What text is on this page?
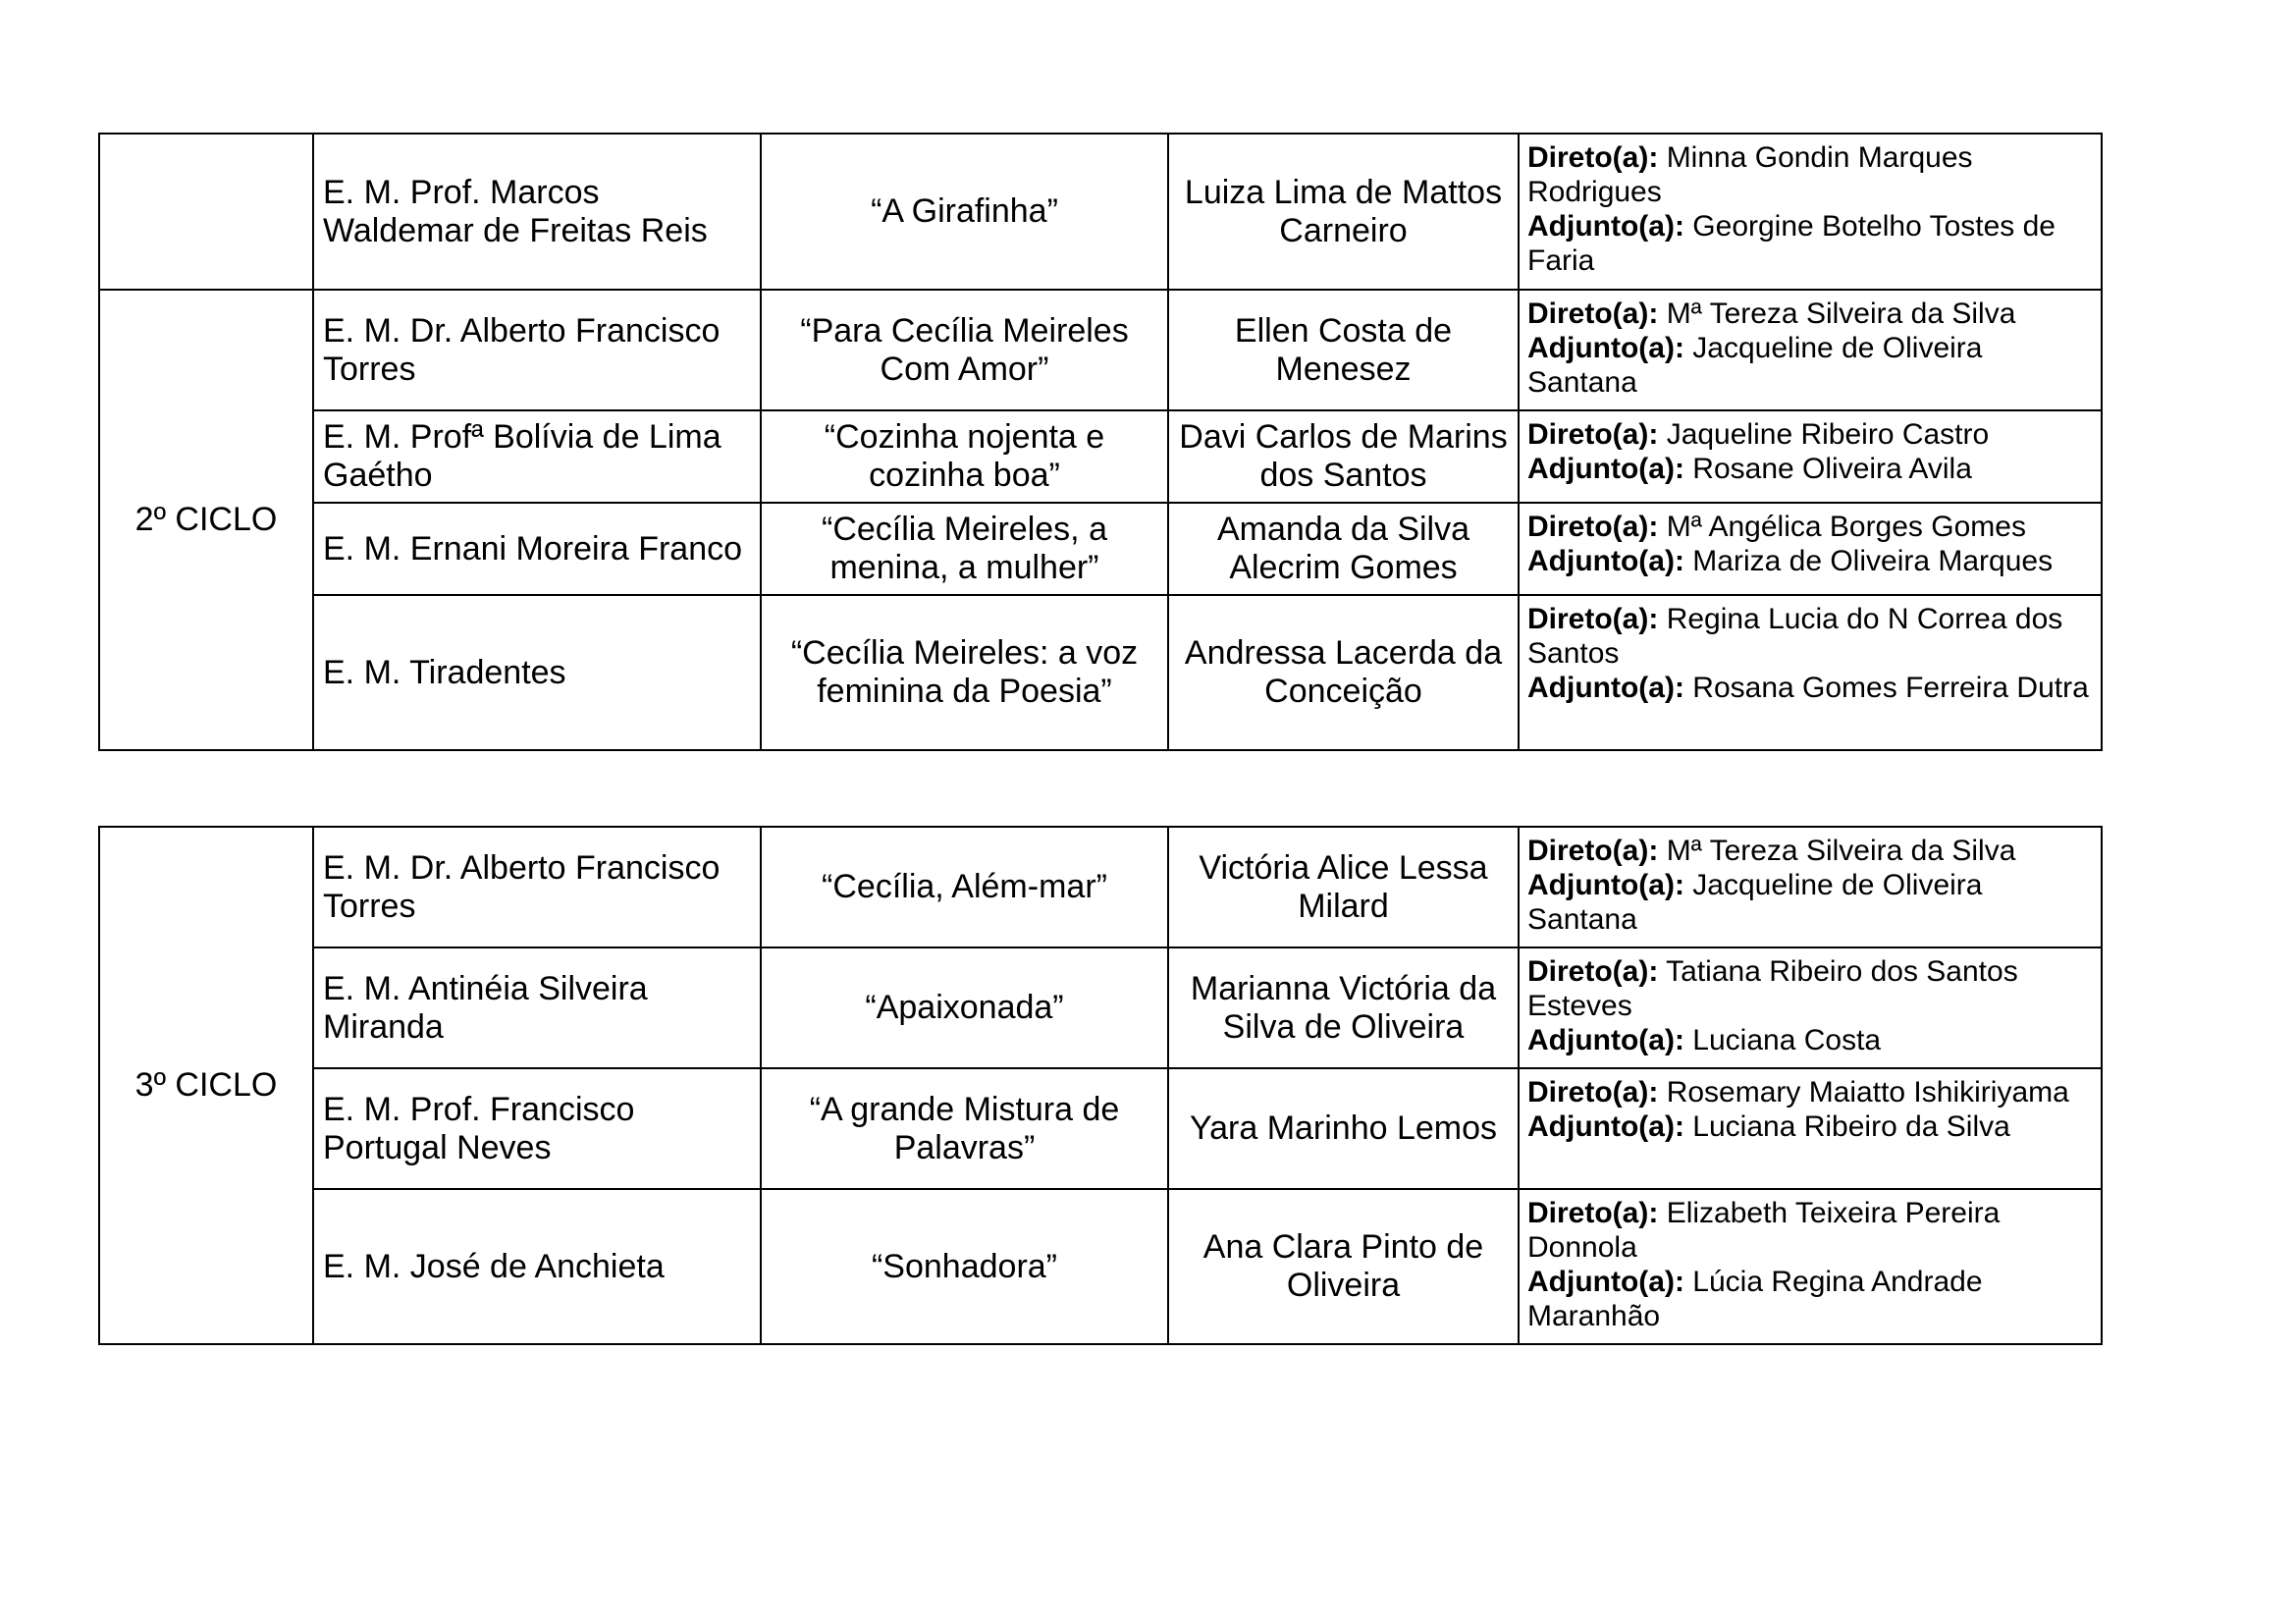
	E. M. Prof. Marcos Waldemar de Freitas Reis	“A Girafinha”	Luiza Lima de Mattos Carneiro	Direto(a): Minna Gondin Marques Rodrigues
Adjunto(a): Georgine Botelho Tostes de Faria

2º CICLO	E. M. Dr. Alberto Francisco Torres	“Para Cecília Meireles Com Amor”	Ellen Costa de Menesez	Direto(a): Mª Tereza Silveira da Silva
Adjunto(a): Jacqueline de Oliveira Santana

	E. M. Profª Bolívia de Lima Gaétho	“Cozinha nojenta e cozinha boa”	Davi Carlos de Marins dos Santos	Direto(a): Jaqueline Ribeiro Castro
Adjunto(a): Rosane Oliveira Avila

	E. M. Ernani Moreira Franco	“Cecília Meireles, a menina, a mulher”	Amanda da Silva Alecrim Gomes	Direto(a): Mª Angélica Borges Gomes
Adjunto(a): Mariza de Oliveira Marques

	E. M. Tiradentes	“Cecília Meireles: a voz feminina da Poesia”	Andressa Lacerda da Conceição	Direto(a): Regina Lucia do N Correa dos Santos
Adjunto(a): Rosana Gomes Ferreira Dutra
3º CICLO	E. M. Dr. Alberto Francisco Torres	“Cecília, Além-mar”	Victória Alice Lessa Milard	Direto(a): Mª Tereza Silveira da Silva
Adjunto(a): Jacqueline de Oliveira Santana

	E. M. Antinéia Silveira Miranda	“Apaixonada”	Marianna Victória da Silva de Oliveira	Direto(a): Tatiana Ribeiro dos Santos Esteves
Adjunto(a): Luciana Costa

	E. M. Prof. Francisco Portugal Neves	“A grande Mistura de Palavras”	Yara Marinho Lemos	Direto(a): Rosemary Maiatto Ishikiriyama
Adjunto(a): Luciana Ribeiro da Silva

	E. M. José de Anchieta	“Sonhadora”	Ana Clara Pinto de Oliveira	Direto(a): Elizabeth Teixeira Pereira Donnola
Adjunto(a): Lúcia Regina Andrade Maranhão
